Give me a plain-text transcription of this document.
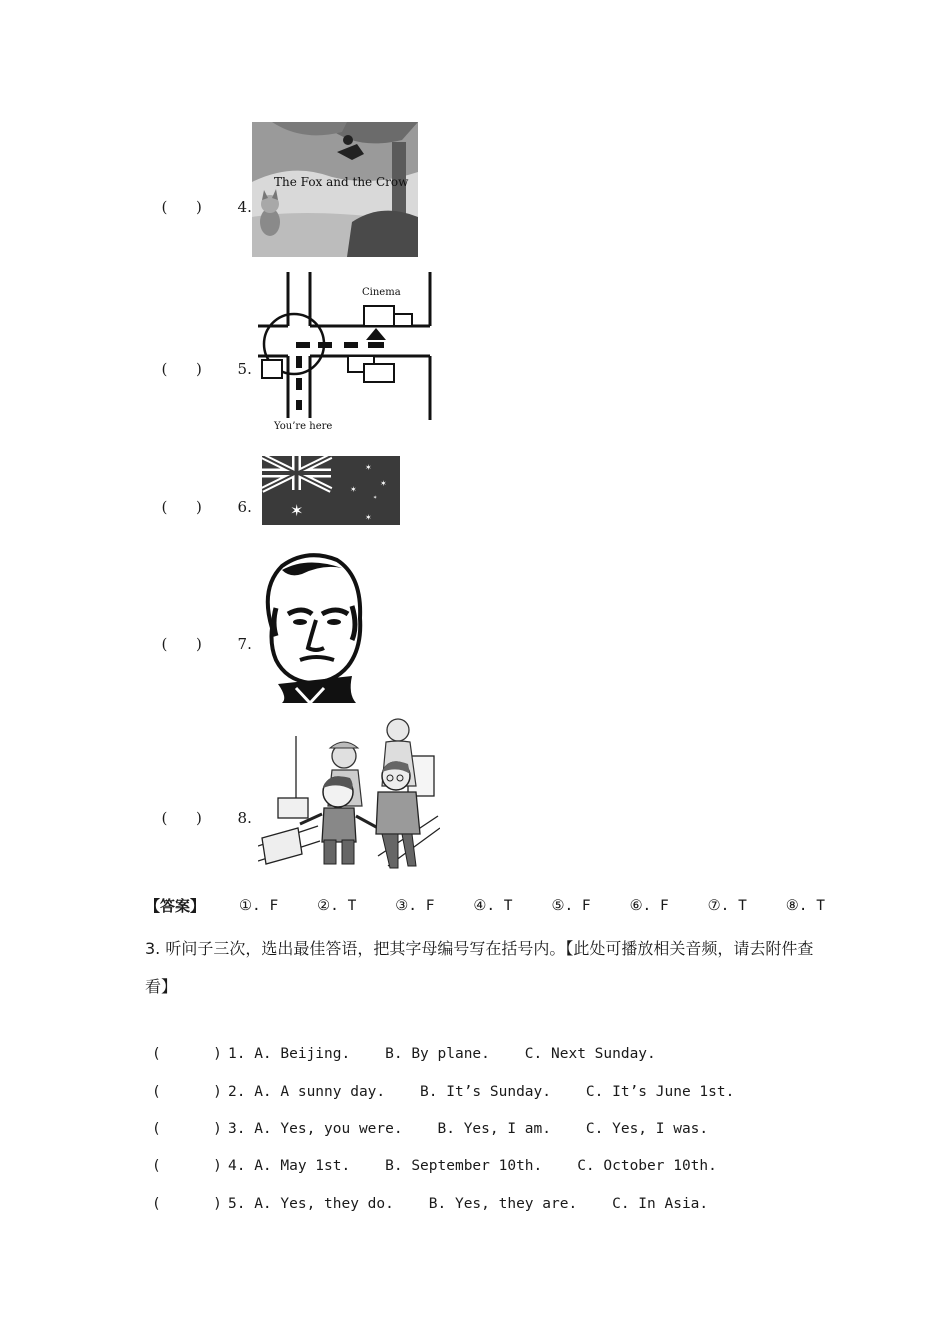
(      ) 4.

The Fox and the Crow

(      ) 5.

Cinema
You’re here

(      ) 6. ✶
✶
✶
✶
✶
✶

(      ) 7.

(      ) 8.

【答案】 ①. F	②. T	③. F	④. T	⑤. F	⑥. F	⑦. T	⑧. T
3. 听问子三次，选出最佳答语，把其字母编号写在括号内。【此处可播放相关音频，请去附件查看】
(      ) 1. A. Beijing.    B. By plane.    C. Next Sunday.
(      ) 2. A. A sunny day.    B. It’s Sunday.    C. It’s June 1st.
(      ) 3. A. Yes, you were.    B. Yes, I am.    C. Yes, I was.
(      ) 4. A. May 1st.    B. September 10th.    C. October 10th.
(      ) 5. A. Yes, they do.    B. Yes, they are.    C. In Asia.
